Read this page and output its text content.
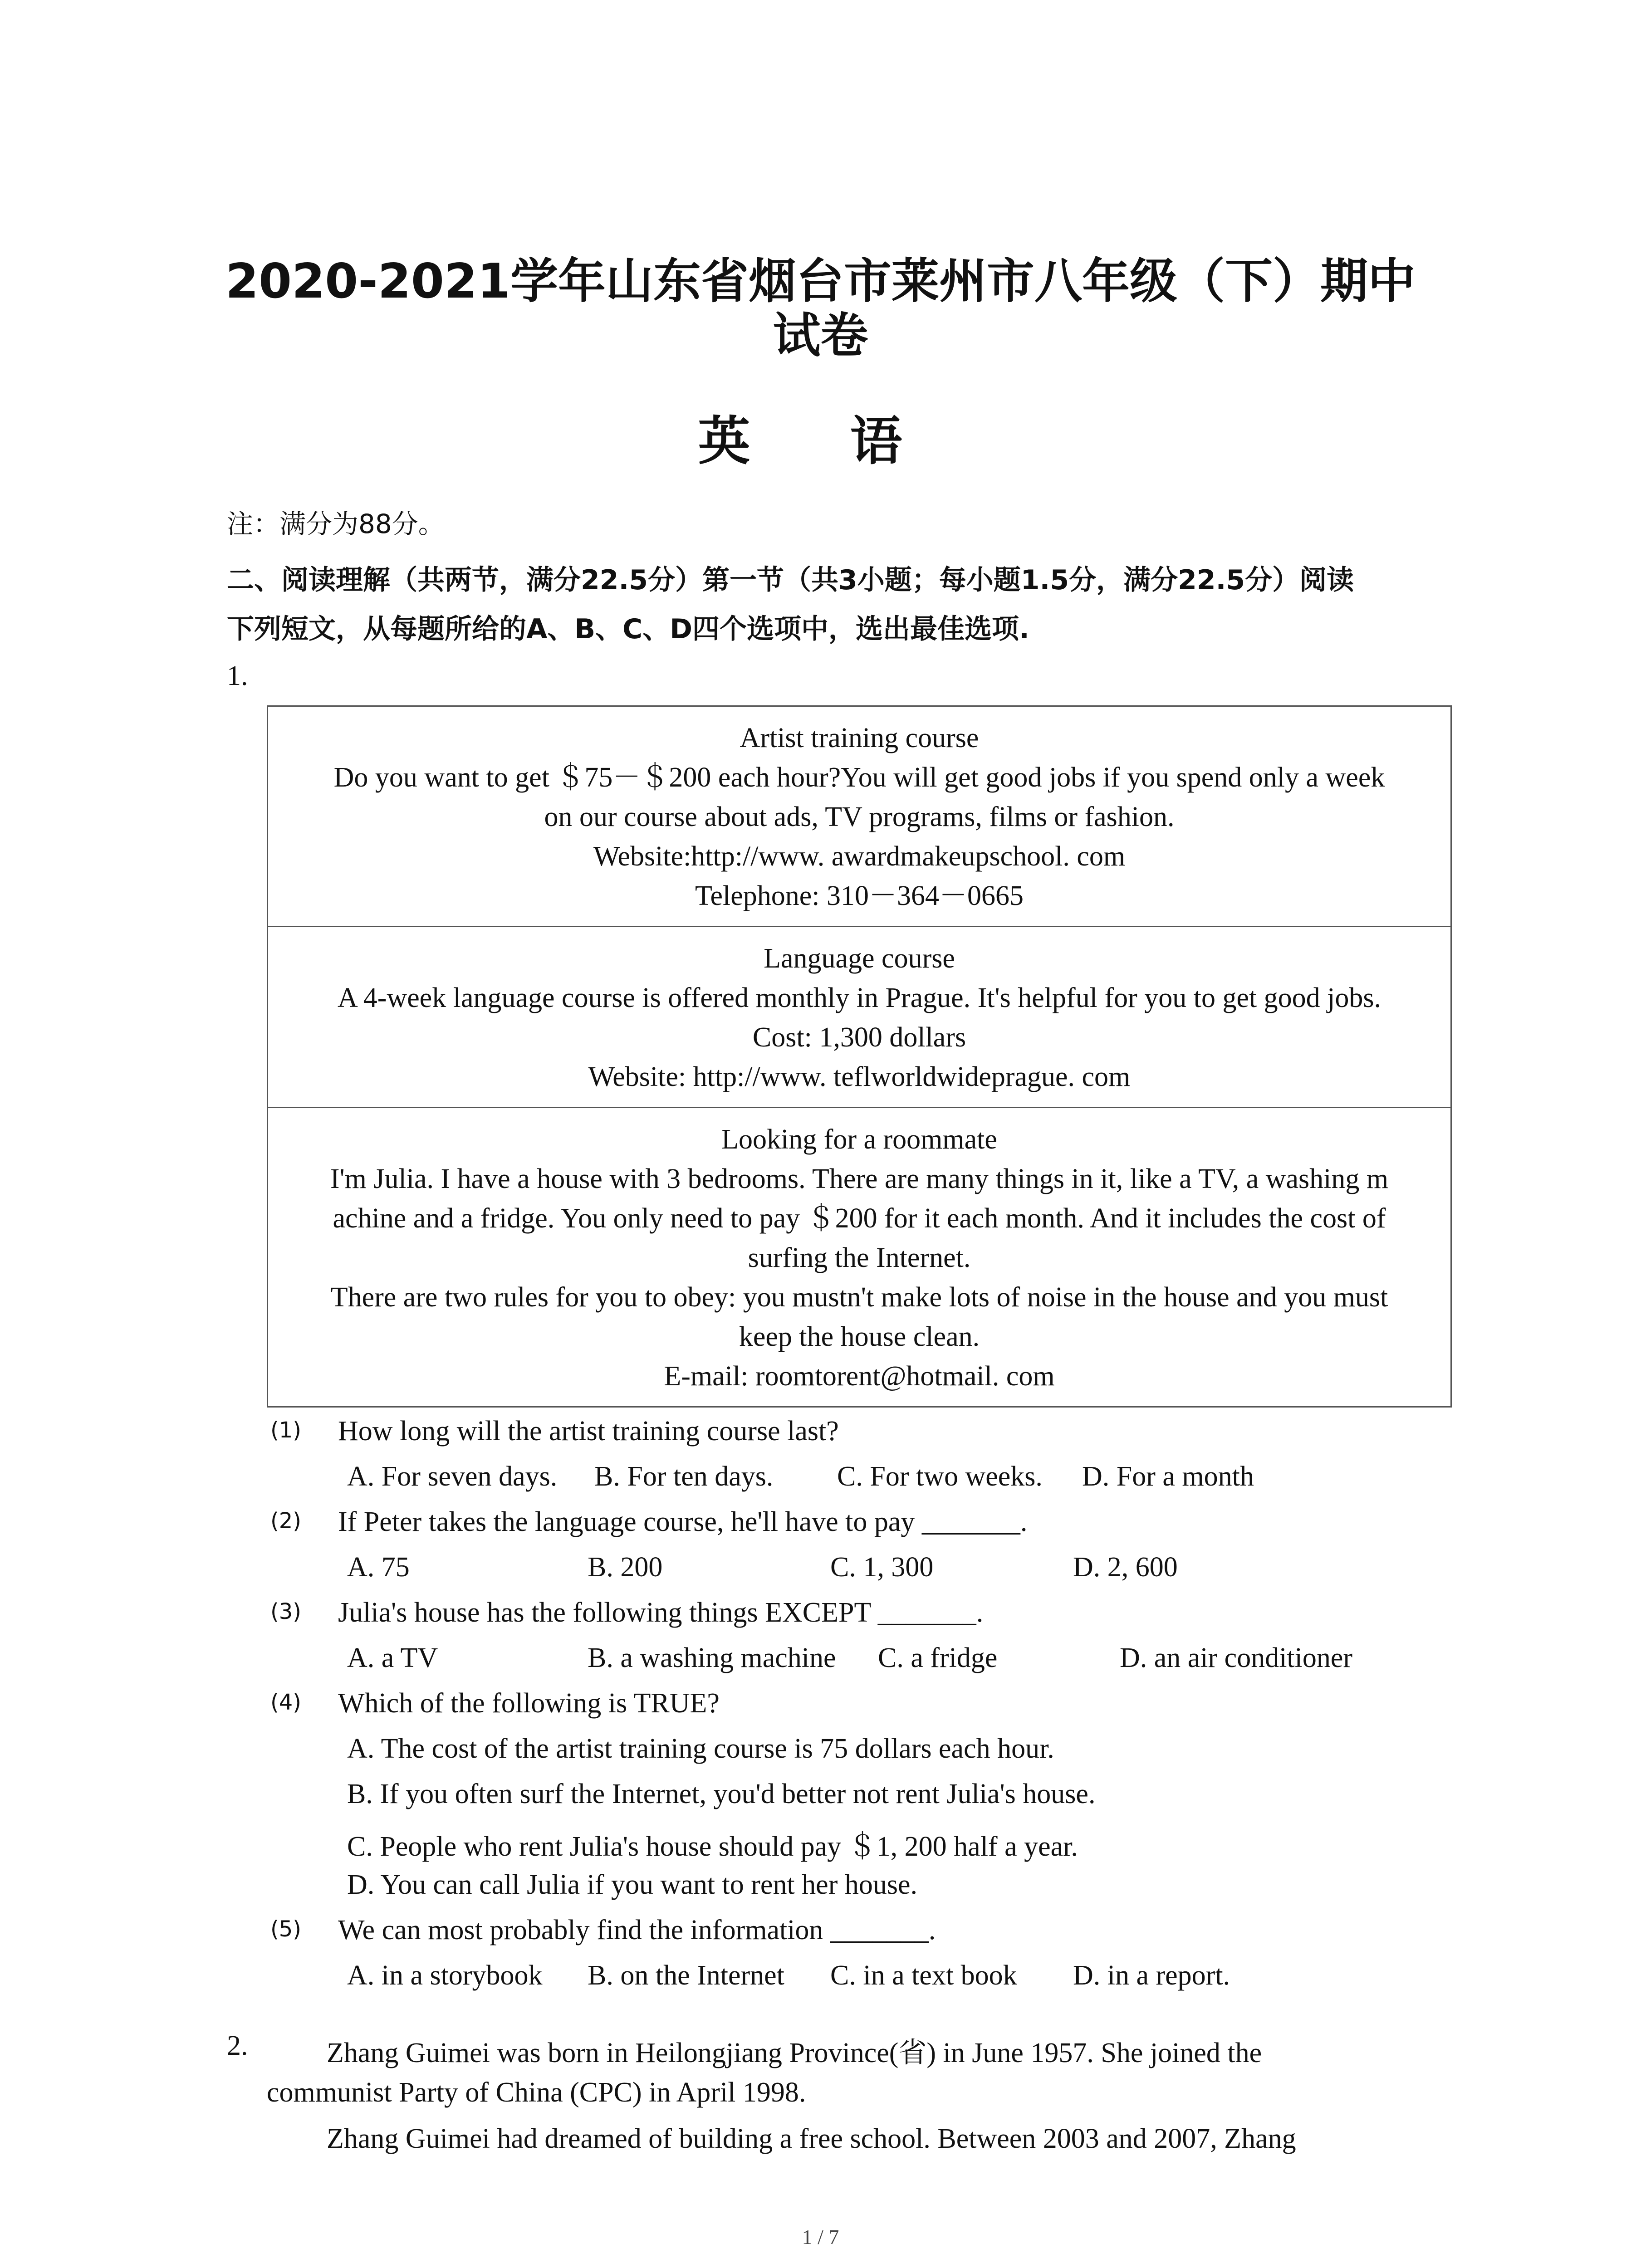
2020-2021学年山东省烟台市莱州市八年级（下）期中
试卷
英 语
注：满分为88分。
二、阅读理解（共两节，满分22.5分）第一节（共3小题；每小题1.5分，满分22.5分）阅读
下列短文，从每题所给的A、B、C、D四个选项中，选出最佳选项.
1.
Artist training course
Do you want to get ＄75－＄200 each hour?You will get good jobs if you spend only a week
on our course about ads, TV programs, films or fashion.
Website:http://www. awardmakeupschool. com
Telephone: 310－364－0665
Language course
A 4-week language course is offered monthly in Prague. It's helpful for you to get good jobs.
Cost: 1,300 dollars
Website: http://www. teflworldwideprague. com
Looking for a roommate
I'm Julia. I have a house with 3 bedrooms. There are many things in it, like a TV, a washing m
achine and a fridge. You only need to pay ＄200 for it each month. And it includes the cost of
surfing the Internet.
There are two rules for you to obey: you mustn't make lots of noise in the house and you must
keep the house clean.
E-mail: roomtorent@hotmail. com
(1) How long will the artist training course last?
A. For seven days. B. For ten days. C. For two weeks. D. For a month
(2) If Peter takes the language course, he'll have to pay _______.
A. 75	B. 200	C. 1, 300	D. 2, 600
(3) Julia's house has the following things EXCEPT _______.
A. a TV	B. a washing machine C. a fridge	D. an air conditioner
(4) Which of the following is TRUE?
A. The cost of the artist training course is 75 dollars each hour.
B. If you often surf the Internet, you'd better not rent Julia's house.
C. People who rent Julia's house should pay ＄1, 200 half a year.
D. You can call Julia if you want to rent her house.
(5) We can most probably find the information _______.
A. in a storybook B. on the Internet C. in a text book D. in a report.
2.	Zhang Guimei was born in Heilongjiang Province(省) in June 1957. She joined the
communist Party of China (CPC) in April 1998.
Zhang Guimei had dreamed of building a free school. Between 2003 and 2007, Zhang
1 / 7
